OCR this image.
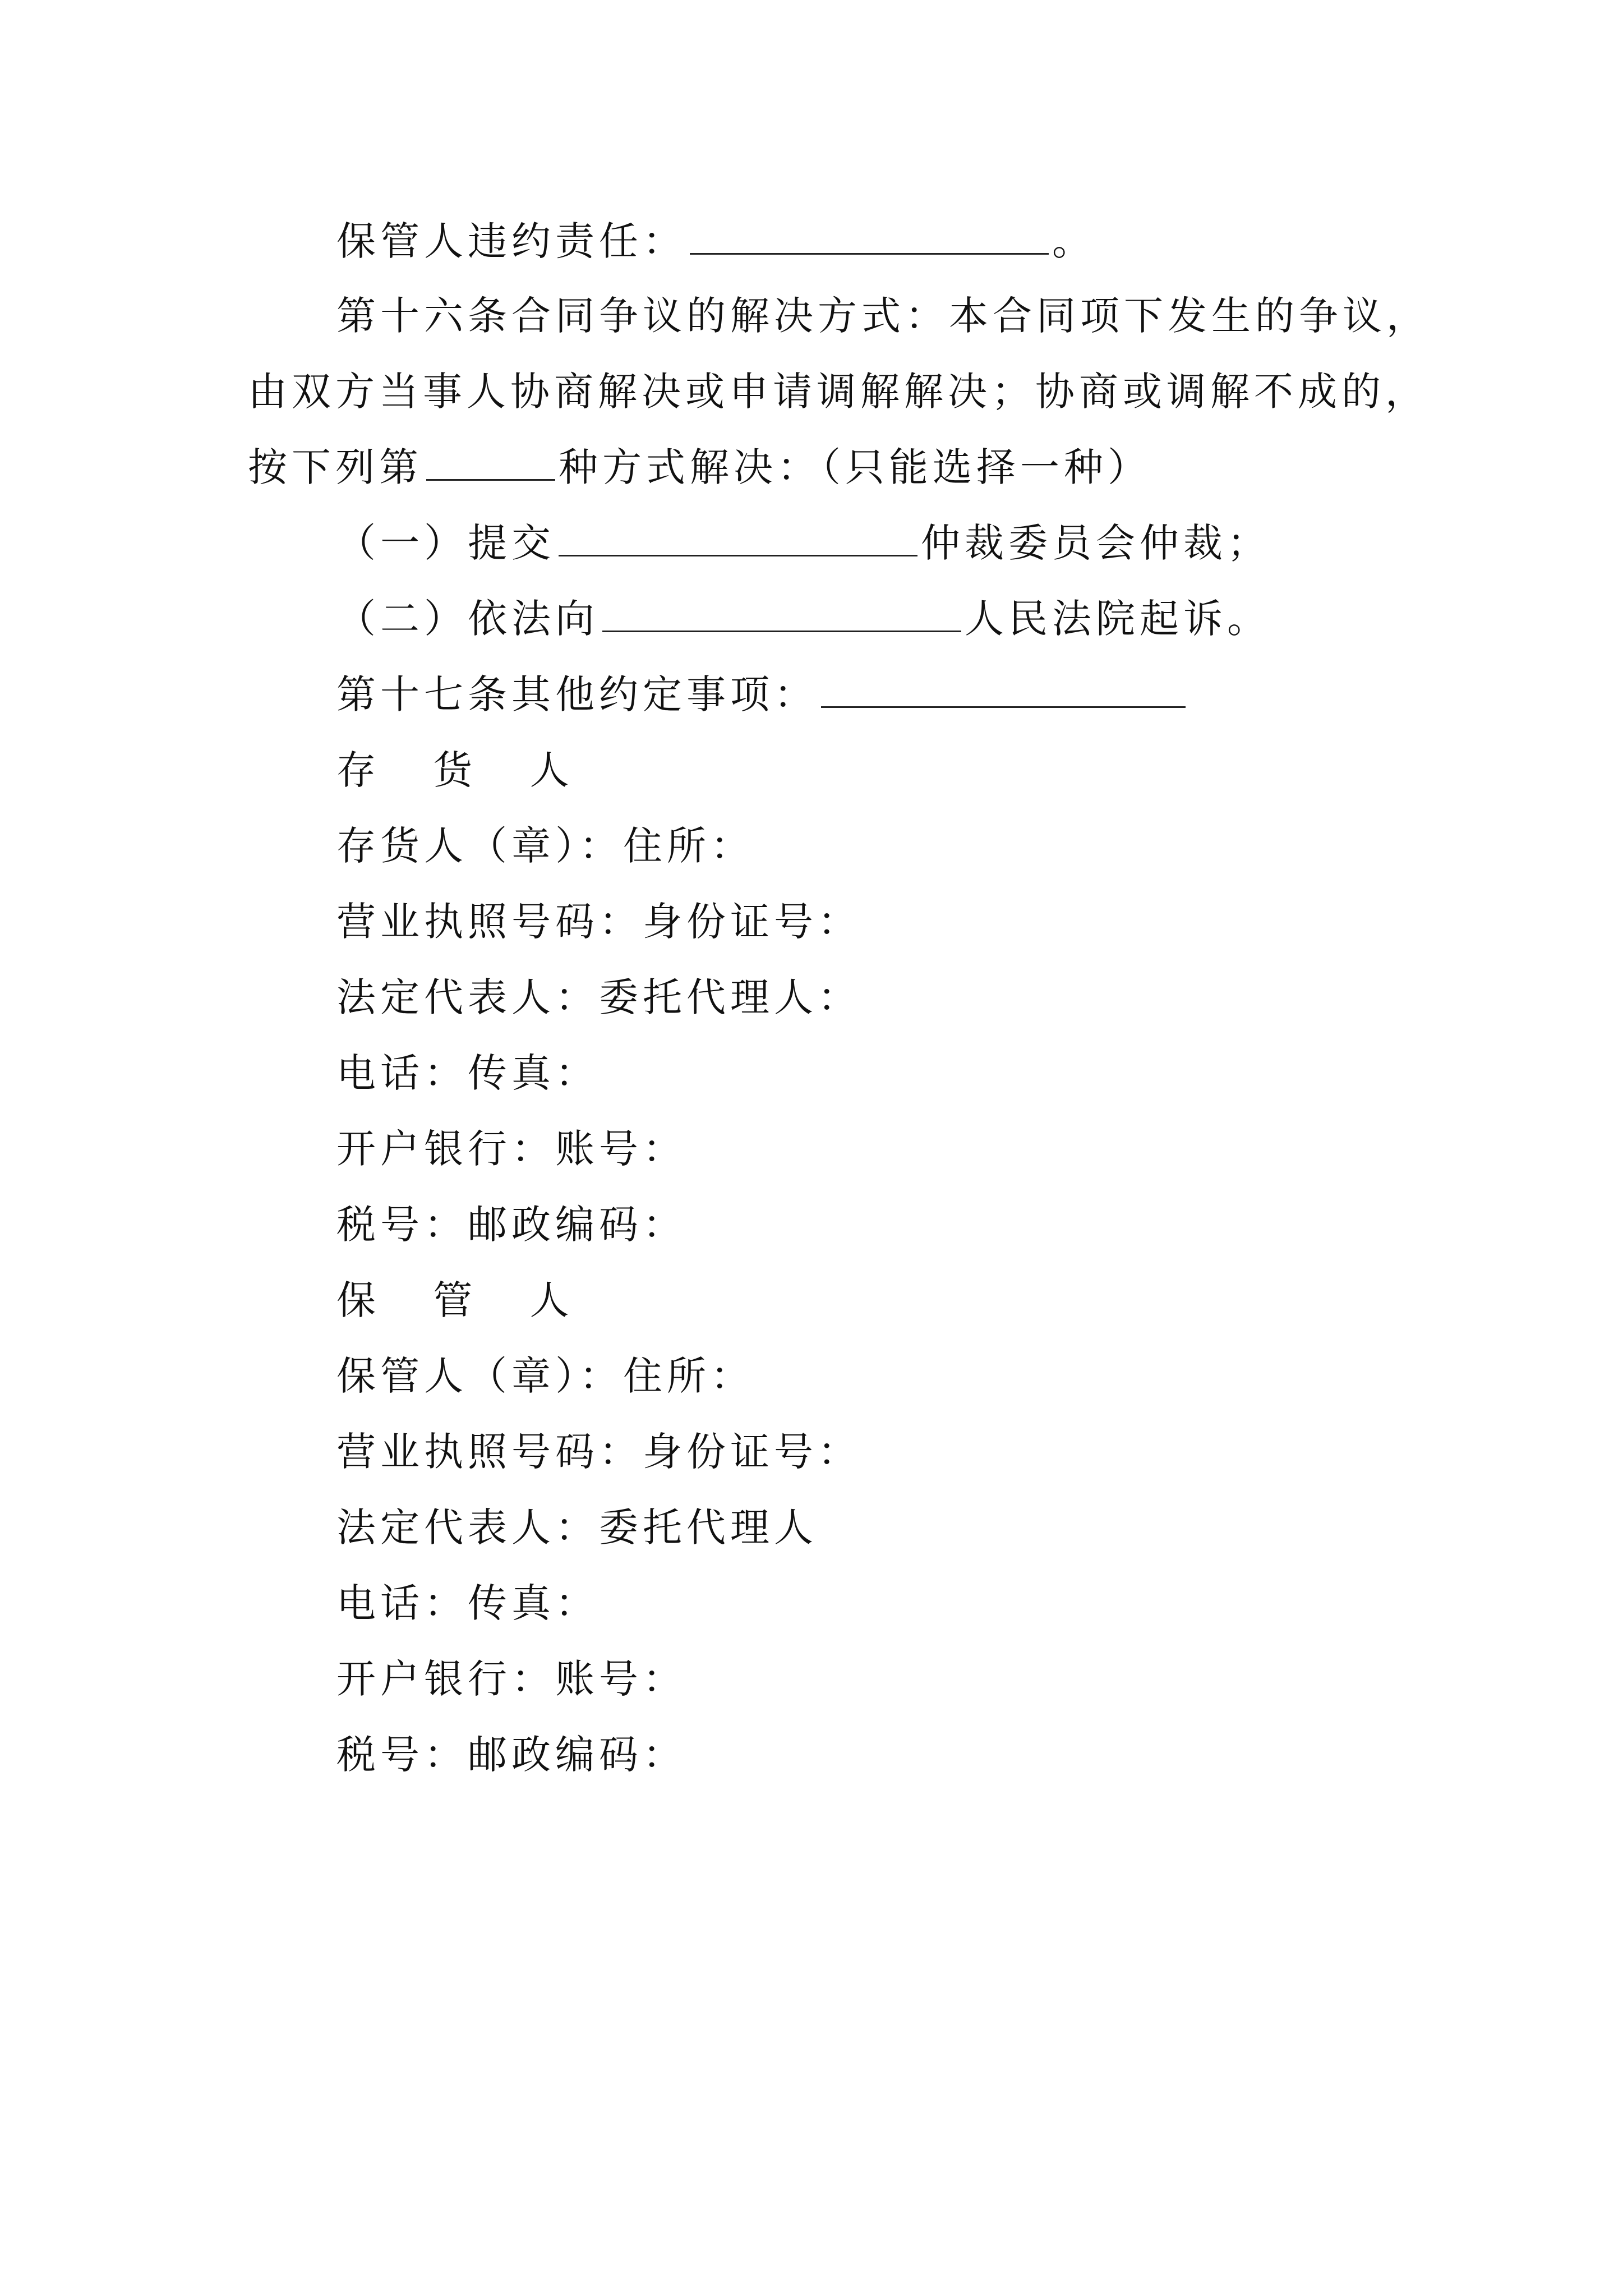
保管人违约责任：	。
第十六条合同争议的解决方式：本合同项下发生的争议，
由双方当事人协商解决或申请调解解决；协商或调解不成的，
按下列第	种方式解决：（只能选择一种）
（一）提交	仲裁委员会仲裁；
（二）依法向	人民法院起诉。
第十七条其他约定事项：
存 货 人
存货人（章）：住所：
营业执照号码：身份证号：
法定代表人：委托代理人：
电话：传真：
开户银行：账号：
税号：邮政编码：
保 管 人
保管人（章）：住所：
营业执照号码：身份证号：
法定代表人：委托代理人
电话：传真：
开户银行：账号：
税号：邮政编码：
